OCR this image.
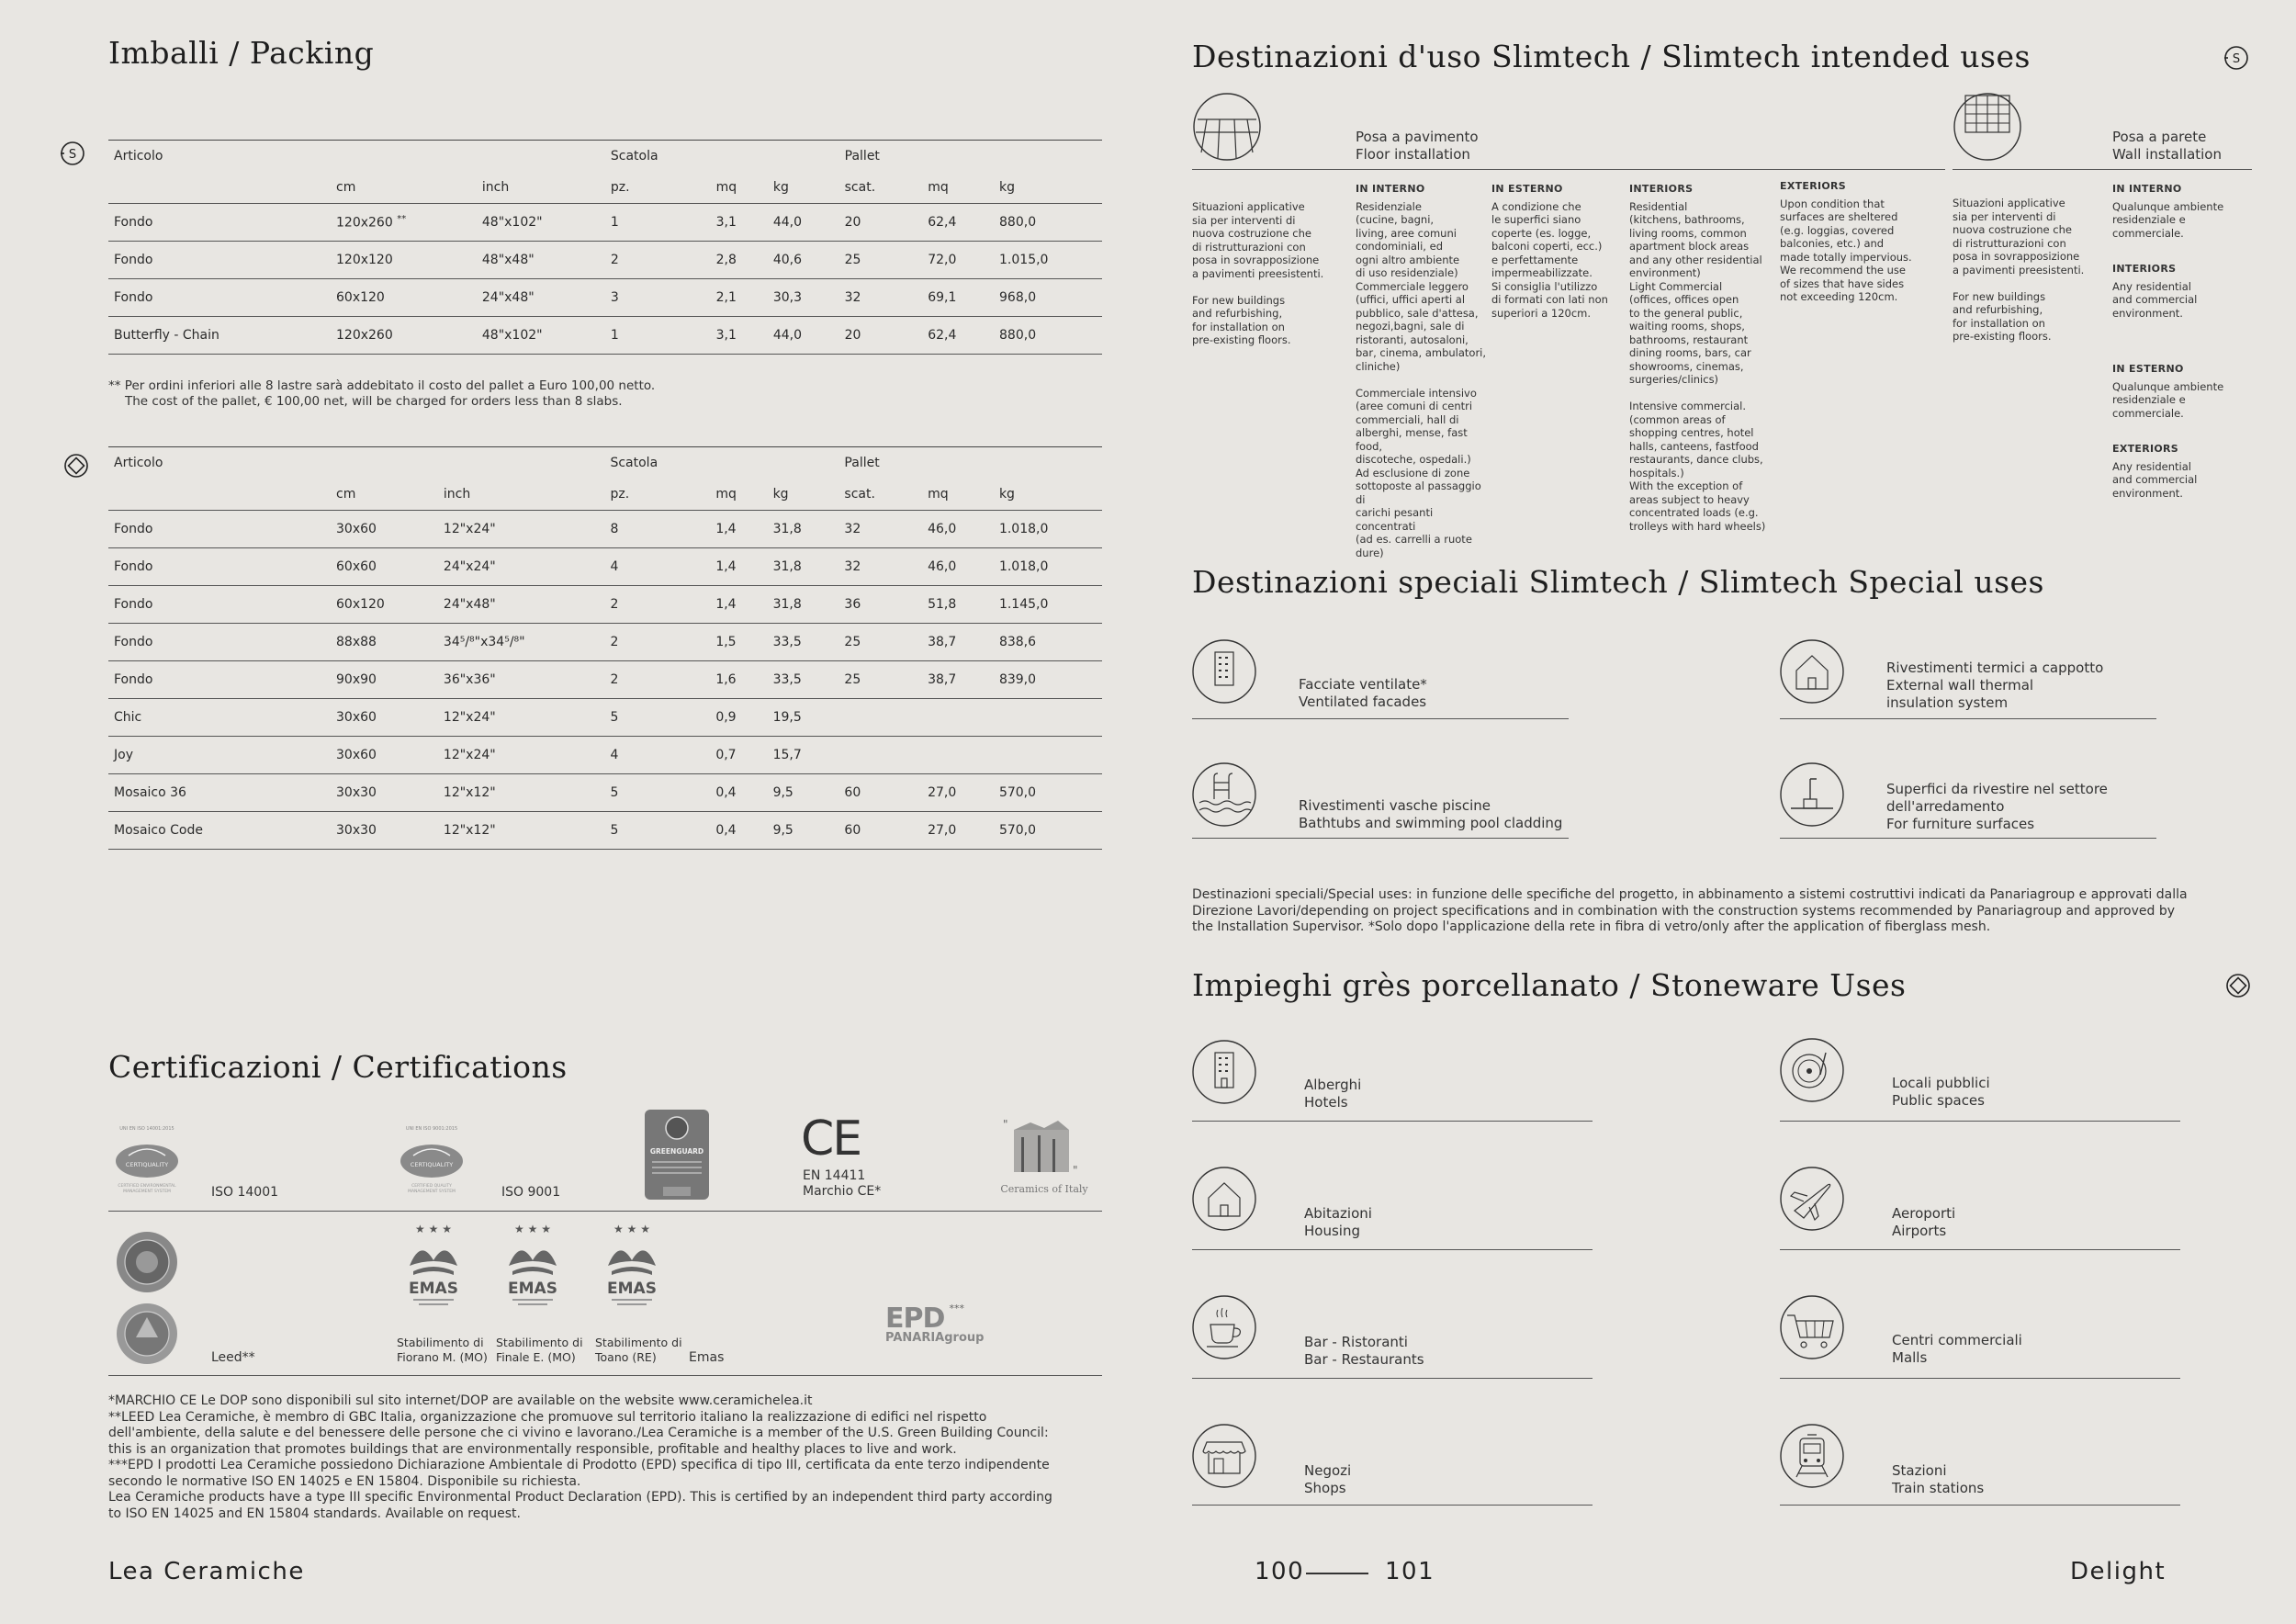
Imballi / Packing
S	Articolo			Scatola			Pallet		
	cm	inch	pz.	mq	kg	scat.	mq	kg
Fondo	120x260 **	48"x102"	1	3,1	44,0	20	62,4	880,0
Fondo	120x120	48"x48"	2	2,8	40,6	25	72,0	1.015,0
Fondo	60x120	24"x48"	3	2,1	30,3	32	69,1	968,0
Butterfly - Chain	120x260	48"x102"	1	3,1	44,0	20	62,4	880,0
** Per ordini inferiori alle 8 lastre sarà addebitato il costo del pallet a Euro 100,00 netto.
The cost of the pallet, € 100,00 net, will be charged for orders less than 8 slabs.
Articolo			Scatola			Pallet		
	cm	inch	pz.	mq	kg	scat.	mq	kg
Fondo	30x60	12"x24"	8	1,4	31,8	32	46,0	1.018,0
Fondo	60x60	24"x24"	4	1,4	31,8	32	46,0	1.018,0
Fondo	60x120	24"x48"	2	1,4	31,8	36	51,8	1.145,0
Fondo	88x88	34⁵/⁸"x34⁵/⁸"	2	1,5	33,5	25	38,7	838,6
Fondo	90x90	36"x36"	2	1,6	33,5	25	38,7	839,0
Chic	30x60	12"x24"	5	0,9	19,5			
Joy	30x60	12"x24"	4	0,7	15,7			
Mosaico 36	30x30	12"x12"	5	0,4	9,5	60	27,0	570,0
Mosaico Code	30x30	12"x12"	5	0,4	9,5	60	27,0	570,0
Certificazioni / Certifications
UNI EN ISO 14001:2015
CERTIQUALITY
CERTIFIED ENVIRONMENTAL
MANAGEMENT SYSTEM	ISO 14001
UNI EN ISO 9001:2015
CERTIQUALITY
CERTIFIED QUALITY
MANAGEMENT SYSTEM	ISO 9001
GREENGUARD CE
EN 14411
Marchio CE*
"
"
Ceramics of Italy
Leed**
★ ★ ★
EMAS
★ ★ ★
EMAS
★ ★ ★
EMAS
Stabilimento di
Fiorano M. (MO)
Stabilimento di
Finale E. (MO)
Stabilimento di
Toano (RE)	Emas
EPD ***
PANARIAgroup
*MARCHIO CE Le DOP sono disponibili sul sito internet/DOP are available on the website www.ceramichelea.it
**LEED Lea Ceramiche, è membro di GBC Italia, organizzazione che promuove sul territorio italiano la realizzazione di edifici nel rispetto
dell'ambiente, della salute e del benessere delle persone che ci vivino e lavorano./Lea Ceramiche is a member of the U.S. Green Building Council:
this is an organization that promotes buildings that are environmentally responsible, profitable and healthy places to live and work.
***EPD I prodotti Lea Ceramiche possiedono Dichiarazione Ambientale di Prodotto (EPD) specifica di tipo III, certificata da ente terzo indipendente
secondo le normative ISO EN 14025 e EN 15804. Disponibile su richiesta.
Lea Ceramiche products have a type III specific Environmental Product Declaration (EPD). This is certified by an independent third party according
to ISO EN 14025 and EN 15804 standards. Available on request.
Lea Ceramiche	100	101	Delight
Destinazioni d'uso Slimtech / Slimtech intended uses	S
Posa a pavimento
Floor installation
Posa a parete
Wall installation
Situazioni applicative
sia per interventi di
nuova costruzione che
di ristrutturazioni con
posa in sovrapposizione
a pavimenti preesistenti.

For new buildings
and refurbishing,
for installation on
pre-existing floors.
IN INTERNO
Residenziale
(cucine, bagni,
living, aree comuni
condominiali, ed
ogni altro ambiente
di uso residenziale)
Commerciale leggero
(uffici, uffici aperti al
pubblico, sale d'attesa,
negozi,bagni, sale di
ristoranti, autosaloni,
bar, cinema, ambulatori,
cliniche)

Commerciale intensivo
(aree comuni di centri
commerciali, hall di
alberghi, mense, fast food,
discoteche, ospedali.)
Ad esclusione di zone
sottoposte al passaggio di
carichi pesanti concentrati
(ad es. carrelli a ruote dure)
IN ESTERNO
A condizione che
le superfici siano
coperte (es. logge,
balconi coperti, ecc.)
e perfettamente
impermeabilizzate.
Si consiglia l'utilizzo
di formati con lati non
superiori a 120cm.
INTERIORS
Residential
(kitchens, bathrooms,
living rooms, common
apartment block areas
and any other residential
environment)
Light Commercial
(offices, offices open
to the general public,
waiting rooms, shops,
bathrooms, restaurant
dining rooms, bars, car
showrooms, cinemas,
surgeries/clinics)

Intensive commercial.
(common areas of
shopping centres, hotel
halls, canteens, fastfood
restaurants, dance clubs,
hospitals.)
With the exception of
areas subject to heavy
concentrated loads (e.g.
trolleys with hard wheels)
EXTERIORS
Upon condition that
surfaces are sheltered
(e.g. loggias, covered
balconies, etc.) and
made totally impervious.
We recommend the use
of sizes that have sides
not exceeding 120cm.
Situazioni applicative
sia per interventi di
nuova costruzione che
di ristrutturazioni con
posa in sovrapposizione
a pavimenti preesistenti.

For new buildings
and refurbishing,
for installation on
pre-existing floors.
IN INTERNO
Qualunque ambiente
residenziale e
commerciale.
INTERIORS
Any residential
and commercial
environment.
IN ESTERNO
Qualunque ambiente
residenziale e
commerciale.
EXTERIORS
Any residential
and commercial
environment.
Destinazioni speciali Slimtech / Slimtech Special uses
Facciate ventilate*
Ventilated facades
Rivestimenti termici a cappotto
External wall thermal
insulation system
Rivestimenti vasche piscine
Bathtubs and swimming pool cladding
Superfici da rivestire nel settore
dell'arredamento
For furniture surfaces
Destinazioni speciali/Special uses: in funzione delle specifiche del progetto, in abbinamento a sistemi costruttivi indicati da Panariagroup e approvati dalla
Direzione Lavori/depending on project specifications and in combination with the construction systems recommended by Panariagroup and approved by
the Installation Supervisor. *Solo dopo l'applicazione della rete in fibra di vetro/only after the application of fiberglass mesh.
Impieghi grès porcellanato / Stoneware Uses
Alberghi
Hotels
Locali pubblici
Public spaces
Abitazioni
Housing
Aeroporti
Airports
Bar - Ristoranti
Bar - Restaurants
Centri commerciali
Malls
Negozi
Shops
Stazioni
Train stations
